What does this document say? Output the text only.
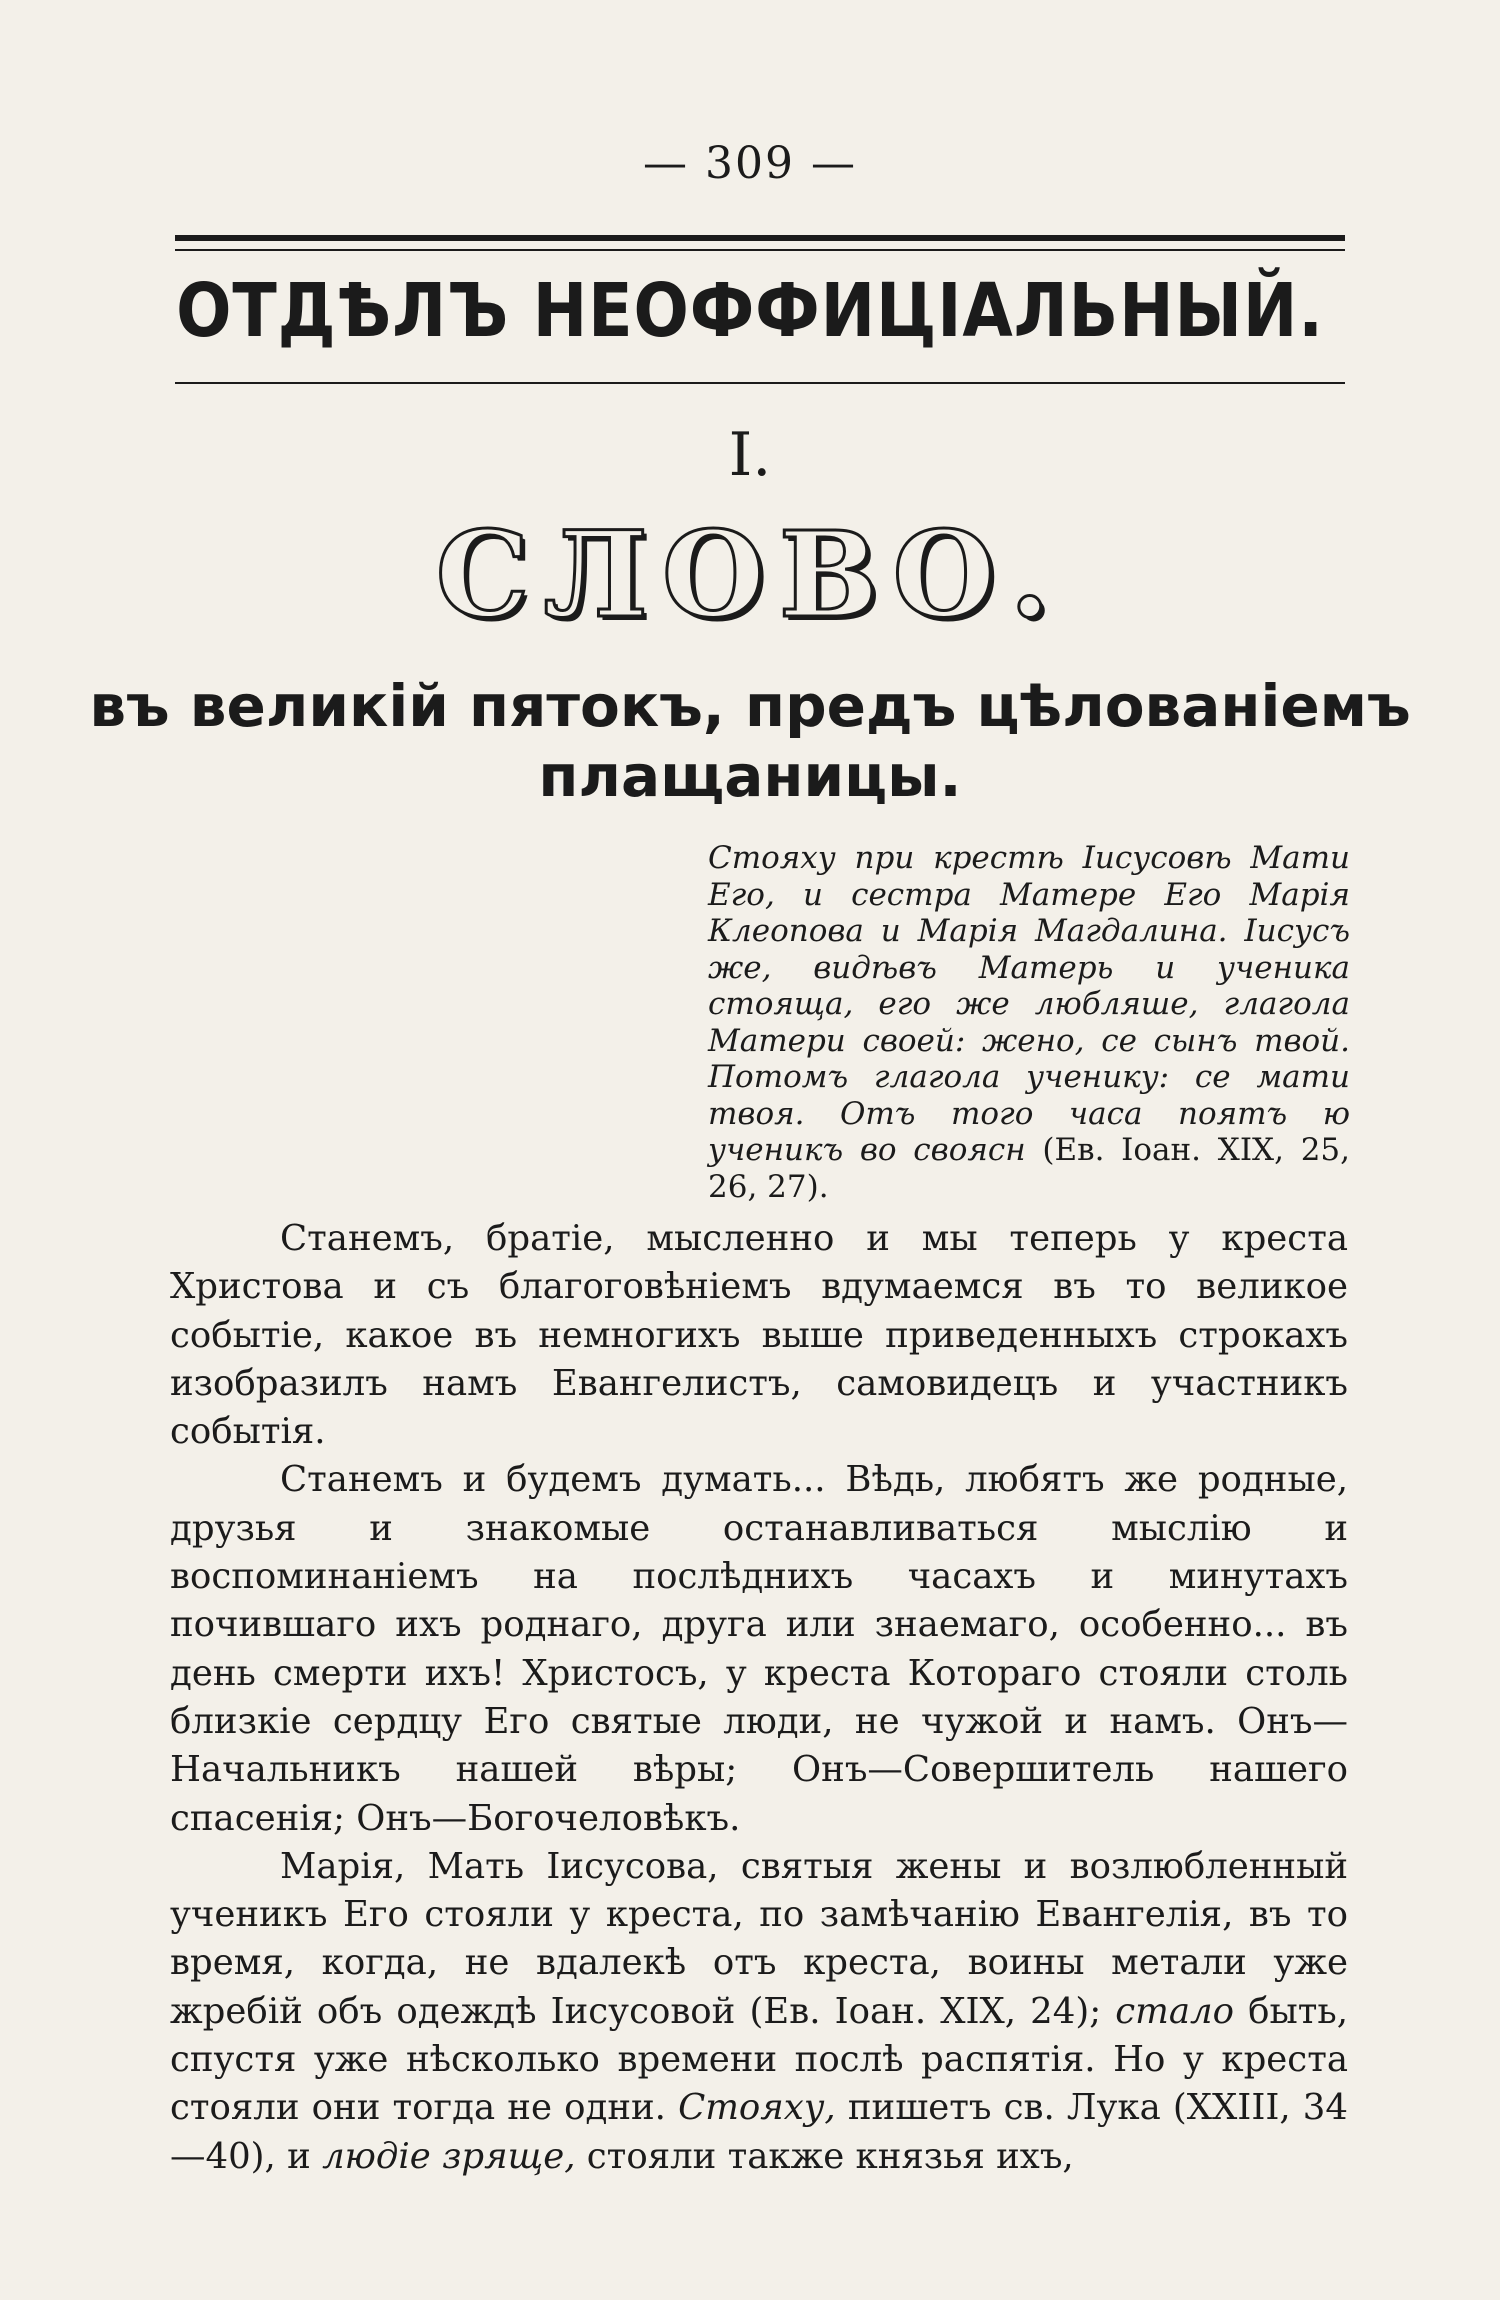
— 309 —
ОТДѢЛЪ НЕОФФИЦІАЛЬНЫЙ.
I.
СЛОВО.
въ великій пятокъ, предъ цѣлованіемъ
плащаницы.
Стояху при крестѣ Іисусовѣ Мати Его, и сестра Матере Его Марія Клеопова и Марія Магдалина. Іисусъ же, видѣвъ Матерь и ученика стояща, его же любляше, глагола Матери своей: жено, се сынъ твой. Потомъ глагола ученику: се мати твоя. Отъ того часа поятъ ю ученикъ во своясн (Ев. Іоан. XIX, 25, 26, 27).

Станемъ, братіе, мысленно и мы теперь у креста Христова и съ благоговѣніемъ вдумаемся въ то великое событіе, какое въ немногихъ выше приведенныхъ строкахъ изобразилъ намъ Евангелистъ, самовидецъ и участникъ событія.

Станемъ и будемъ думать... Вѣдь, любятъ же родные, друзья и знакомые останавливаться мыслію и воспоминаніемъ на послѣднихъ часахъ и минутахъ почившаго ихъ роднаго, друга или знаемаго, особенно... въ день смерти ихъ! Христосъ, у креста Котораго стояли столь близкіе сердцу Его святые люди, не чужой и намъ. Онъ—Начальникъ нашей вѣры; Онъ—Совершитель нашего спасенія; Онъ—Богочеловѣкъ.

Марія, Мать Іисусова, святыя жены и возлюбленный ученикъ Его стояли у креста, по замѣчанію Евангелія, въ то время, когда, не вдалекѣ отъ креста, воины метали уже жребій объ одеждѣ Іисусовой (Ев. Іоан. XIX, 24); стало быть, спустя уже нѣсколько времени послѣ распятія. Но у креста стояли они тогда не одни. Стояху, пишетъ св. Лука (XXIII, 34—40), и людіе зряще, стояли также князья ихъ,
